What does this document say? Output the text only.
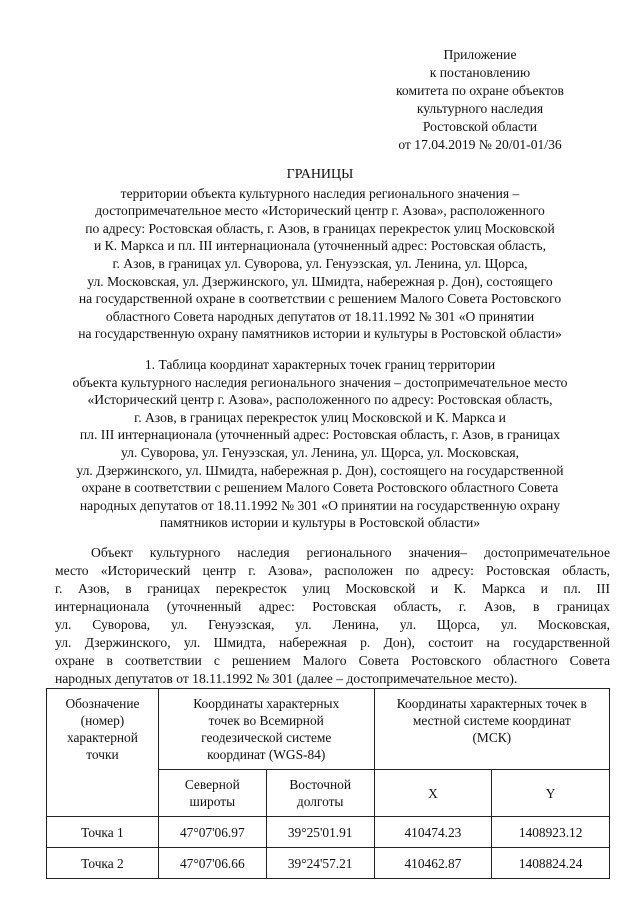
Приложение
к постановлению
комитета по охране объектов
культурного наследия
Ростовской области
от 17.04.2019 № 20/01-01/36
ГРАНИЦЫ
территории объекта культурного наследия регионального значения –
достопримечательное место «Исторический центр г. Азова», расположенного
по адресу: Ростовская область, г. Азов, в границах перекресток улиц Московской
и К. Маркса и пл. III интернационала (уточненный адрес: Ростовская область,
г. Азов, в границах ул. Суворова, ул. Генуэзская, ул. Ленина, ул. Щорса,
ул. Московская, ул. Дзержинского, ул. Шмидта, набережная р. Дон), состоящего
на государственной охране в соответствии с решением Малого Совета Ростовского
областного Совета народных депутатов от 18.11.1992 № 301 «О принятии
на государственную охрану памятников истории и культуры в Ростовской области»
1. Таблица координат характерных точек границ территории
объекта культурного наследия регионального значения – достопримечательное место
«Исторический центр г. Азова», расположенного по адресу: Ростовская область,
г. Азов, в границах перекресток улиц Московской и К. Маркса и
пл. III интернационала (уточненный адрес: Ростовская область, г. Азов, в границах
ул. Суворова, ул. Генуэзская, ул. Ленина, ул. Щорса, ул. Московская,
ул. Дзержинского, ул. Шмидта, набережная р. Дон), состоящего на государственной
охране в соответствии с решением Малого Совета Ростовского областного Совета
народных депутатов от 18.11.1992 № 301 «О принятии на государственную охрану
памятников истории и культуры в Ростовской области»
Объект культурного наследия регионального значения– достопримечательное
место «Исторический центр г. Азова», расположен по адресу: Ростовская область,
г. Азов, в границах перекресток улиц Московской и К. Маркса и пл. III
интернационала (уточненный адрес: Ростовская область, г. Азов, в границах
ул. Суворова, ул. Генуэзская, ул. Ленина, ул. Щорса, ул. Московская,
ул. Дзержинского, ул. Шмидта, набережная р. Дон), состоит на государственной
охране в соответствии с решением Малого Совета Ростовского областного Совета
народных депутатов от 18.11.1992 № 301 (далее – достопримечательное место).
Обозначение (номер) характерной точки	Координаты характерных точек во Всемирной геодезической системе координат (WGS-84)		Координаты характерных точек в местной системе координат (МСК)	
	Северной широты	Восточной долготы	X	Y
Точка 1	47°07'06.97	39°25'01.91	410474.23	1408923.12
Точка 2	47°07'06.66	39°24'57.21	410462.87	1408824.24
